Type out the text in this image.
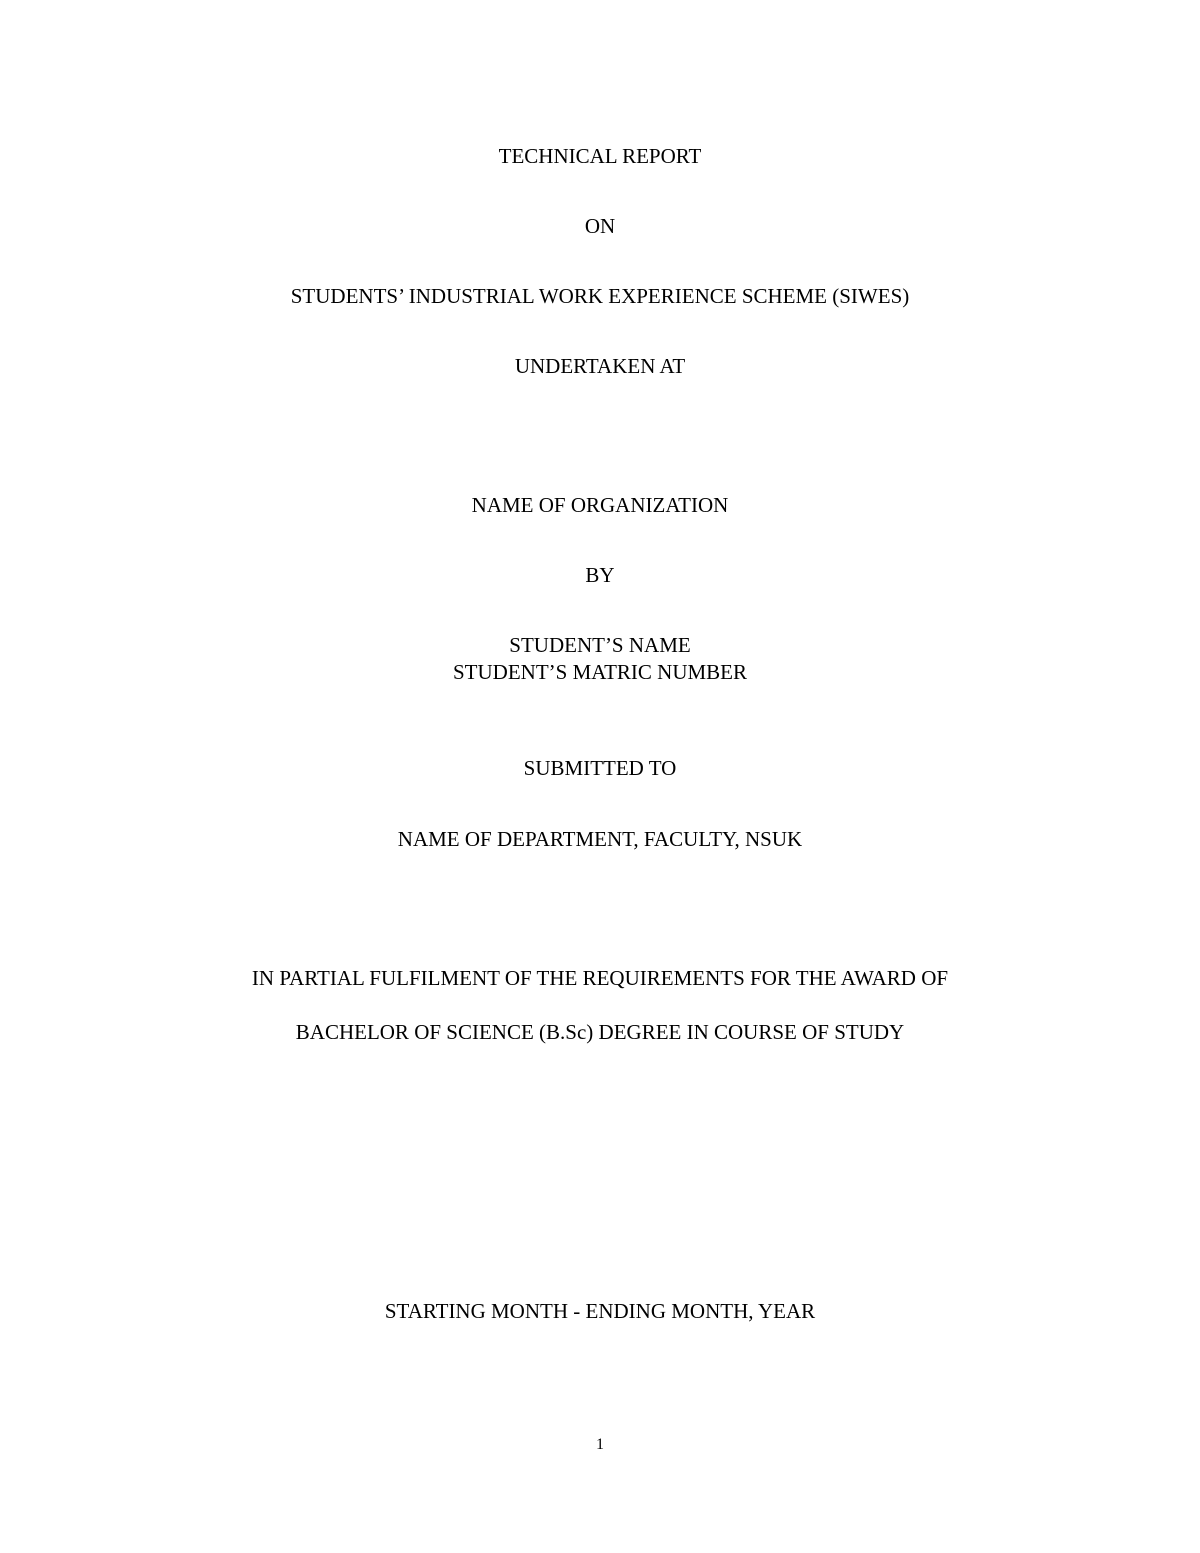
TECHNICAL REPORT
ON
STUDENTS’ INDUSTRIAL WORK EXPERIENCE SCHEME (SIWES)
UNDERTAKEN AT
NAME OF ORGANIZATION
BY
STUDENT’S NAME
STUDENT’S MATRIC NUMBER
SUBMITTED TO
NAME OF DEPARTMENT, FACULTY, NSUK
IN PARTIAL FULFILMENT OF THE REQUIREMENTS FOR THE AWARD OF
BACHELOR OF SCIENCE (B.Sc) DEGREE IN COURSE OF STUDY
STARTING MONTH - ENDING MONTH, YEAR
1
